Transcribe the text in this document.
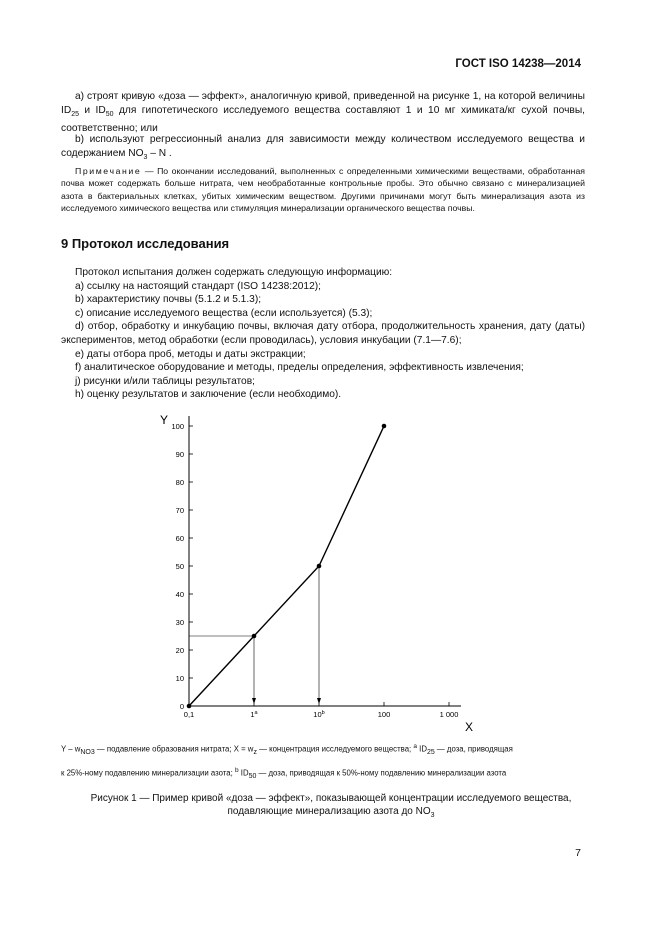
ГОСТ ISO 14238—2014
а) строят кривую «доза — эффект», аналогичную кривой, приведенной на рисунке 1, на которой величины $ID_{25}$ и $ID_{50}$ для гипотетического исследуемого вещества составляют 1 и 10 мг химиката/кг сухой почвы, соответственно; или
b) используют регрессионный анализ для зависимости между количеством исследуемого вещества и содержанием $NO_3$ – N .
Примечание — По окончании исследований, выполненных с определенными химическими веществами, обработанная почва может содержать больше нитрата, чем необработанные контрольные пробы. Это обычно связано с минерализацией азота в бактериальных клетках, убитых химическим веществом. Другими причинами могут быть минерализация азота из исследуемого химического вещества или стимуляция минерализации органического вещества почвы.
9 Протокол исследования
Протокол испытания должен содержать следующую информацию:
a) ссылку на настоящий стандарт (ISO 14238:2012);
b) характеристику почвы (5.1.2 и 5.1.3);
c) описание исследуемого вещества (если используется) (5.3);
d) отбор, обработку и инкубацию почвы, включая дату отбора, продолжительность хранения, дату (даты) экспериментов, метод обработки (если проводилась), условия инкубации (7.1—7.6);
e) даты отбора проб, методы и даты экстракции;
f) аналитическое оборудование и методы, пределы определения, эффективность извлечения;
j) рисунки и/или таблицы результатов;
h) оценку результатов и заключение (если необходимо).
Y
X
0
10
20
30
40
50
60
70
80
90
100
0,1	1$^a$	10$^b$	100	1 000
Y – $w_{NO3}$ — подавление образования нитрата; $X = w_z$ — концентрация исследуемого вещества; $^a$ $ID_{25}$ — доза, приводящая
к 25%-ному подавлению минерализации азота; $^b$ $ID_{50}$ — доза, приводящая к 50%-ному подавлению минерализации азота
Рисунок 1 — Пример кривой «доза — эффект», показывающей концентрации исследуемого вещества,
подавляющие минерализацию азота до $NO_3$
7
